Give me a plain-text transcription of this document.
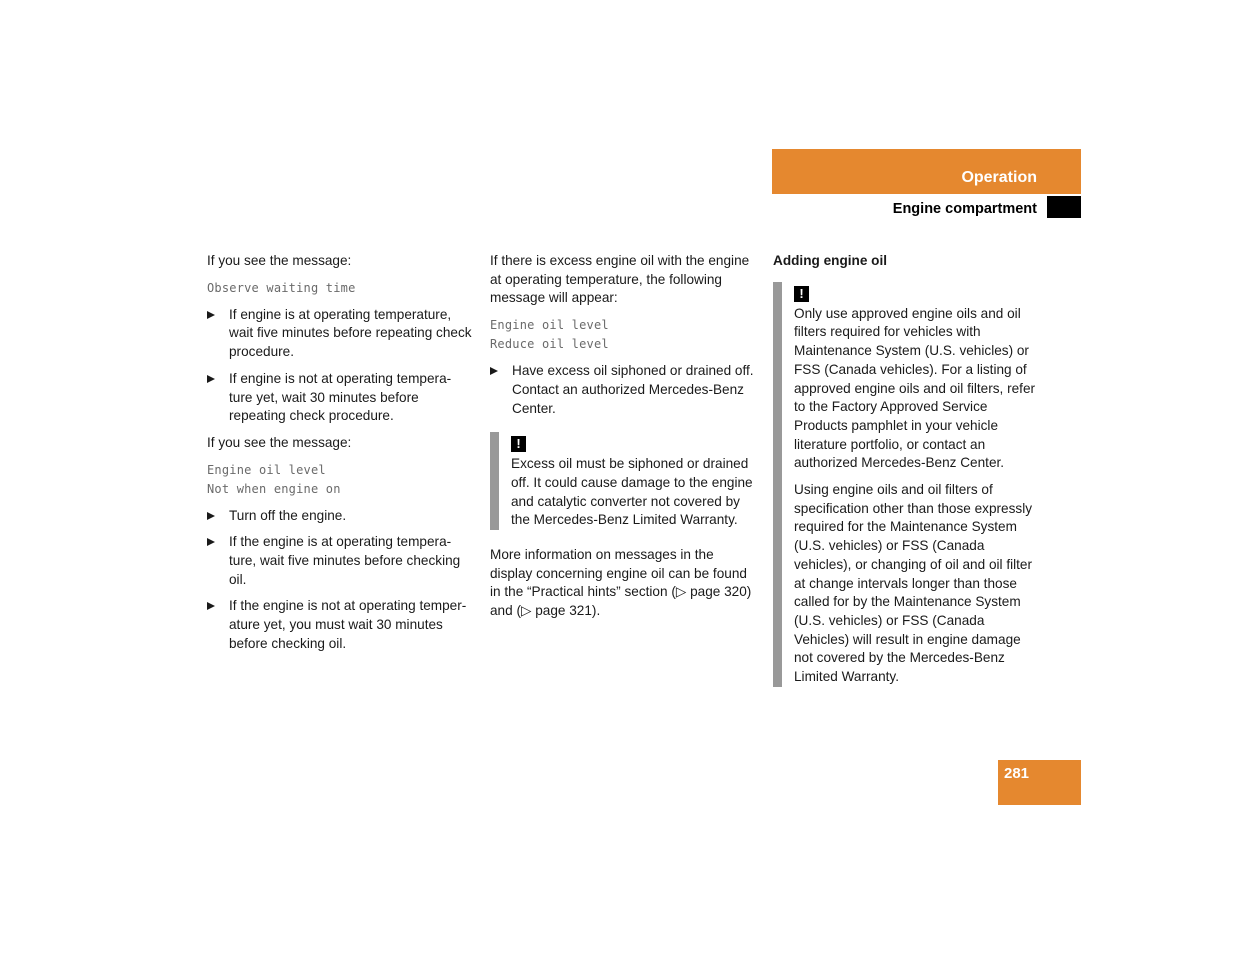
Operation
Engine compartment

If you see the message:

Observe waiting time
If engine is at operating temperature, wait five minutes before repeating check procedure.
If engine is not at operating tempera-ture yet, wait 30 minutes before repeating check procedure.

If you see the message:

Engine oil level
Not when engine on
Turn off the engine.
If the engine is at operating tempera-ture, wait five minutes before checking oil.
If the engine is not at operating temper-ature yet, you must wait 30 minutes before checking oil.

If there is excess engine oil with the engine at operating temperature, the following message will appear:

Engine oil level
Reduce oil level
Have excess oil siphoned or drained off. Contact an authorized Mercedes-Benz Center.
!

Excess oil must be siphoned or drained off. It could cause damage to the engine and catalytic converter not covered by the Mercedes-Benz Limited Warranty.

More information on messages in the display concerning engine oil can be found in the “Practical hints” section (▷ page 320) and (▷ page 321).

Adding engine oil

!

Only use approved engine oils and oil filters required for vehicles with Maintenance System (U.S. vehicles) or FSS (Canada vehicles). For a listing of approved engine oils and oil filters, refer to the Factory Approved Service Products pamphlet in your vehicle literature portfolio, or contact an authorized Mercedes-Benz Center.

Using engine oils and oil filters of specification other than those expressly required for the Maintenance System (U.S. vehicles) or FSS (Canada vehicles), or changing of oil and oil filter at change intervals longer than those called for by the Maintenance System (U.S. vehicles) or FSS (Canada Vehicles) will result in engine damage not covered by the Mercedes-Benz Limited Warranty.

281
